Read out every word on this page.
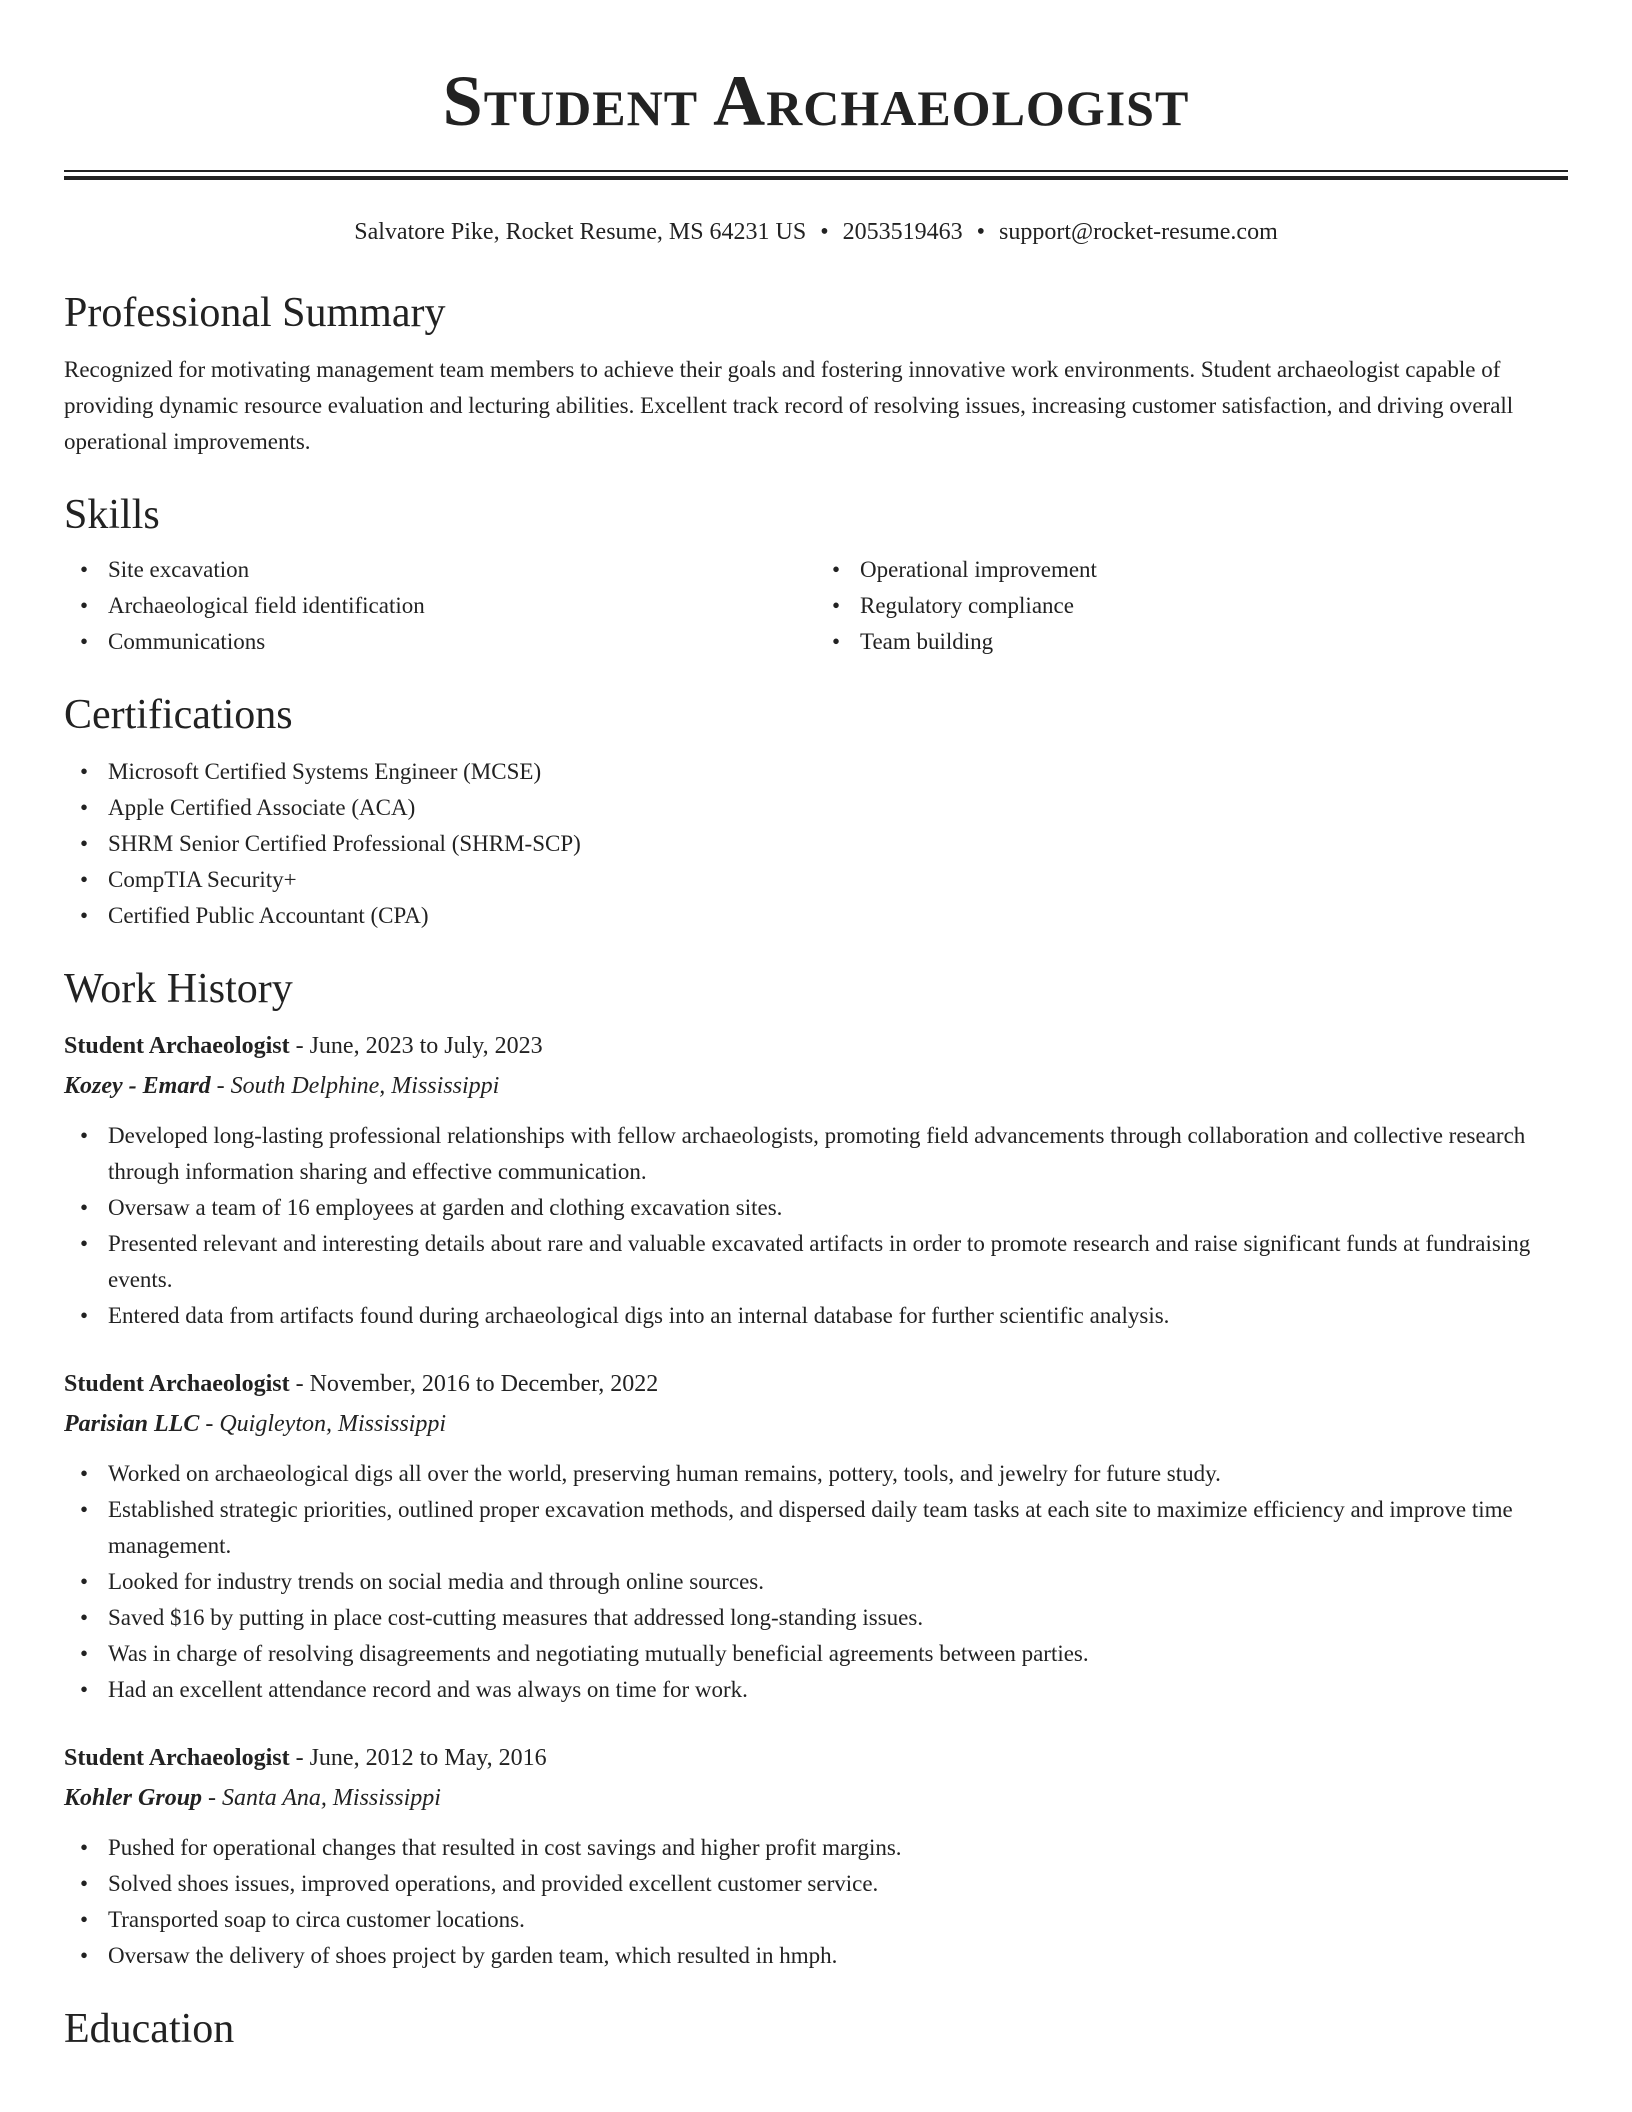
Student Archaeologist
Salvatore Pike, Rocket Resume, MS 64231 US • 2053519463 • support@rocket-resume.com
Professional Summary

Recognized for motivating management team members to achieve their goals and fostering innovative work environments. Student archaeologist capable of providing dynamic resource evaluation and lecturing abilities. Excellent track record of resolving issues, increasing customer satisfaction, and driving overall operational improvements.

Skills
• Site excavation
• Archaeological field identification
• Communications
• Operational improvement
• Regulatory compliance
• Team building
Certifications
• Microsoft Certified Systems Engineer (MCSE)
• Apple Certified Associate (ACA)
• SHRM Senior Certified Professional (SHRM-SCP)
• CompTIA Security+
• Certified Public Accountant (CPA)
Work History
Student Archaeologist - June, 2023 to July, 2023
Kozey - Emard - South Delphine, Mississippi
• Developed long-lasting professional relationships with fellow archaeologists, promoting field advancements through collaboration and collective research through information sharing and effective communication.
• Oversaw a team of 16 employees at garden and clothing excavation sites.
• Presented relevant and interesting details about rare and valuable excavated artifacts in order to promote research and raise significant funds at fundraising events.
• Entered data from artifacts found during archaeological digs into an internal database for further scientific analysis.
Student Archaeologist - November, 2016 to December, 2022
Parisian LLC - Quigleyton, Mississippi
• Worked on archaeological digs all over the world, preserving human remains, pottery, tools, and jewelry for future study.
• Established strategic priorities, outlined proper excavation methods, and dispersed daily team tasks at each site to maximize efficiency and improve time management.
• Looked for industry trends on social media and through online sources.
• Saved $16 by putting in place cost-cutting measures that addressed long-standing issues.
• Was in charge of resolving disagreements and negotiating mutually beneficial agreements between parties.
• Had an excellent attendance record and was always on time for work.
Student Archaeologist - June, 2012 to May, 2016
Kohler Group - Santa Ana, Mississippi
• Pushed for operational changes that resulted in cost savings and higher profit margins.
• Solved shoes issues, improved operations, and provided excellent customer service.
• Transported soap to circa customer locations.
• Oversaw the delivery of shoes project by garden team, which resulted in hmph.
Education
